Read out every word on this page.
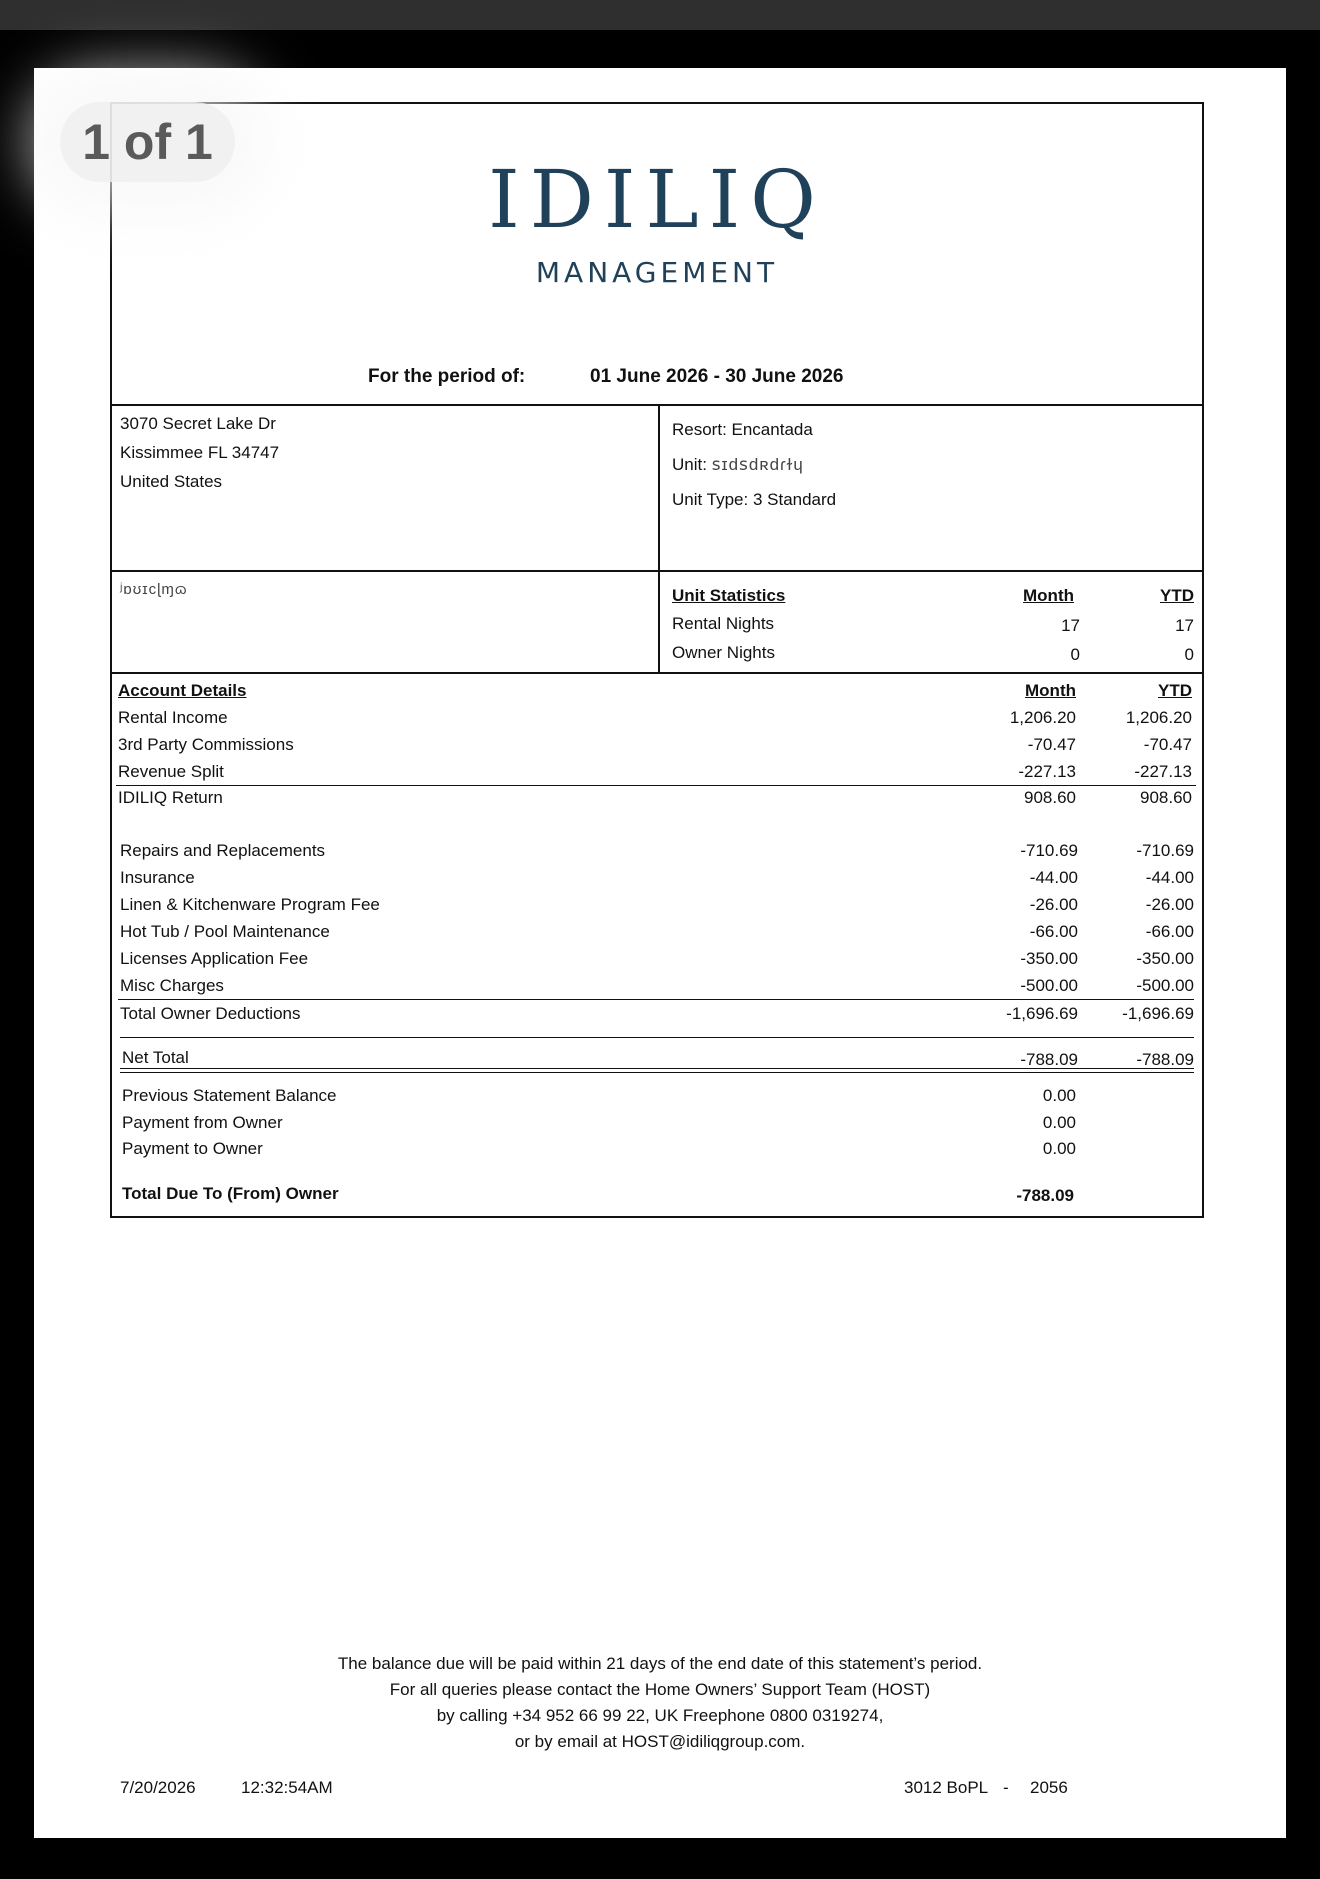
1 of 1
IDILIQ
MANAGEMENT
For the period of:	01 June 2026 - 30 June 2026
3070 Secret Lake Dr
Kissimmee FL 34747
United States
Resort: Encantada
Unit: ꜱɪdꜱdʀdɾɫɥ
Unit Type: 3 Standard
ʲɒʊɪᴄɭɱɷ	Unit Statistics	Month	YTD
Rental Nights	17	17
Owner Nights	0	0
Account Details	Month	YTD
Rental Income	1,206.20	1,206.20
3rd Party Commissions	-70.47	-70.47
Revenue Split	-227.13	-227.13
IDILIQ Return	908.60	908.60
Repairs and Replacements	-710.69	-710.69
Insurance	-44.00	-44.00
Linen & Kitchenware Program Fee	-26.00	-26.00
Hot Tub / Pool Maintenance	-66.00	-66.00
Licenses Application Fee	-350.00	-350.00
Misc Charges	-500.00	-500.00
Total Owner Deductions	-1,696.69	-1,696.69
Net Total	-788.09	-788.09
Previous Statement Balance	0.00
Payment from Owner	0.00
Payment to Owner	0.00
Total Due To (From) Owner	-788.09
The balance due will be paid within 21 days of the end date of this statement’s period.
For all queries please contact the Home Owners’ Support Team (HOST)
by calling +34 952 66 99 22, UK Freephone 0800 0319274,
or by email at HOST@idiliqgroup.com.
7/20/2026	12:32:54AM	3012 BoPL - 2056
